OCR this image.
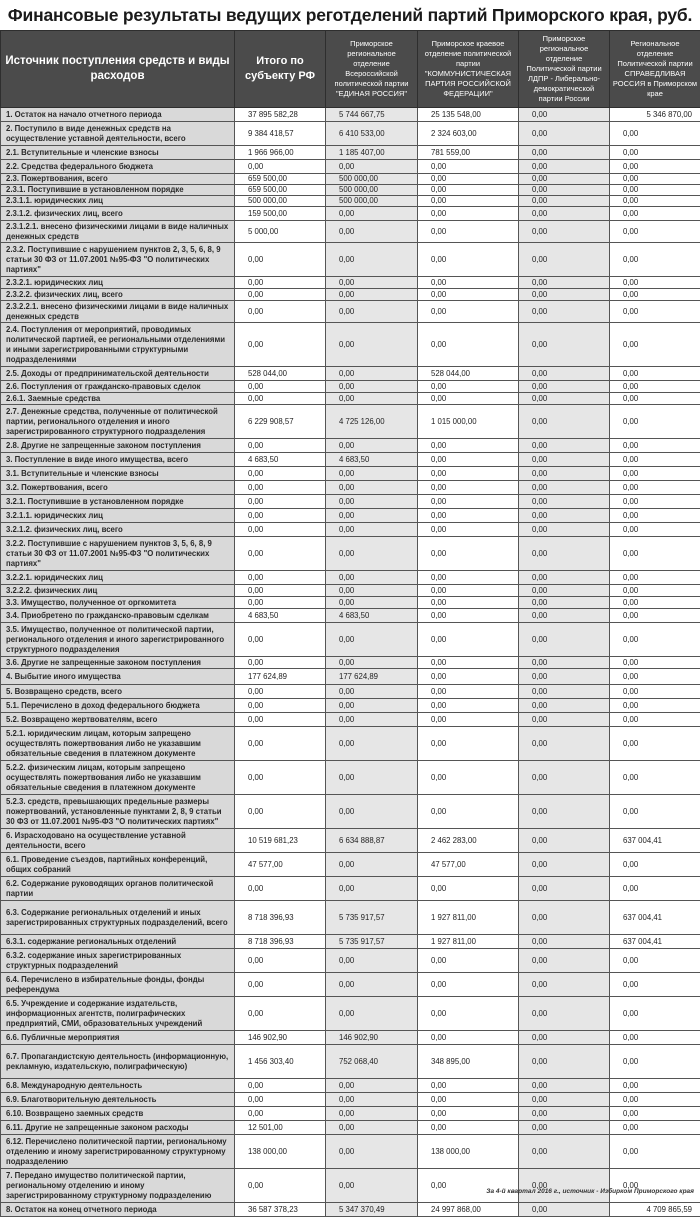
Финансовые результаты ведущих реготделений партий Приморского края, руб.
Источник поступления средств и виды расходов	Итого по субъекту РФ	Приморское региональное отделение Всероссийской политической партии "ЕДИНАЯ РОССИЯ"	Приморское краевое отделение политической партии "КОММУНИСТИЧЕСКАЯ ПАРТИЯ РОССИЙСКОЙ ФЕДЕРАЦИИ"	Приморское региональное отделение Политической партии ЛДПР - Либерально-демократической партии России	Региональное отделение Политической партии СПРАВЕДЛИВАЯ РОССИЯ в Приморском крае
1. Остаток на начало отчетного периода	37 895 582,28	5 744 667,75	25 135 548,00	0,00	5 346 870,00
2. Поступило в виде денежных средств на осуществление уставной деятельности, всего	9 384 418,57	6 410 533,00	2 324 603,00	0,00	0,00
2.1. Вступительные и членские взносы	1 966 966,00	1 185 407,00	781 559,00	0,00	0,00
2.2. Средства федерального бюджета	0,00	0,00	0,00	0,00	0,00
2.3. Пожертвования, всего	659 500,00	500 000,00	0,00	0,00	0,00
2.3.1. Поступившие в установленном порядке	659 500,00	500 000,00	0,00	0,00	0,00
2.3.1.1. юридических лиц	500 000,00	500 000,00	0,00	0,00	0,00
2.3.1.2. физических лиц, всего	159 500,00	0,00	0,00	0,00	0,00
2.3.1.2.1. внесено физическими лицами в виде наличных денежных средств	5 000,00	0,00	0,00	0,00	0,00
2.3.2. Поступившие с нарушением пунктов 2, 3, 5, 6, 8, 9 статьи 30 ФЗ от 11.07.2001 №95-ФЗ "О политических партиях"	0,00	0,00	0,00	0,00	0,00
2.3.2.1. юридических лиц	0,00	0,00	0,00	0,00	0,00
2.3.2.2. физических лиц, всего	0,00	0,00	0,00	0,00	0,00
2.3.2.2.1. внесено физическими лицами в виде наличных денежных средств	0,00	0,00	0,00	0,00	0,00
2.4. Поступления от мероприятий, проводимых политической партией, ее региональными отделениями и иными зарегистрированными структурными подразделениями	0,00	0,00	0,00	0,00	0,00
2.5. Доходы от предпринимательской деятельности	528 044,00	0,00	528 044,00	0,00	0,00
2.6. Поступления от гражданско-правовых сделок	0,00	0,00	0,00	0,00	0,00
2.6.1. Заемные средства	0,00	0,00	0,00	0,00	0,00
2.7. Денежные средства, полученные от политической партии, регионального отделения и иного зарегистрированного структурного подразделения	6 229 908,57	4 725 126,00	1 015 000,00	0,00	0,00
2.8. Другие не запрещенные законом поступления	0,00	0,00	0,00	0,00	0,00
3. Поступление в виде иного имущества, всего	4 683,50	4 683,50	0,00	0,00	0,00
3.1. Вступительные и членские взносы	0,00	0,00	0,00	0,00	0,00
3.2. Пожертвования, всего	0,00	0,00	0,00	0,00	0,00
3.2.1. Поступившие в установленном порядке	0,00	0,00	0,00	0,00	0,00
3.2.1.1. юридических лиц	0,00	0,00	0,00	0,00	0,00
3.2.1.2. физических лиц, всего	0,00	0,00	0,00	0,00	0,00
3.2.2. Поступившие с нарушением пунктов 3, 5, 6, 8, 9 статьи 30 ФЗ от 11.07.2001 №95-ФЗ "О политических партиях"	0,00	0,00	0,00	0,00	0,00
3.2.2.1. юридических лиц	0,00	0,00	0,00	0,00	0,00
3.2.2.2. физических лиц	0,00	0,00	0,00	0,00	0,00
3.3. Имущество, полученное от оргкомитета	0,00	0,00	0,00	0,00	0,00
3.4. Приобретено по гражданско-правовым сделкам	4 683,50	4 683,50	0,00	0,00	0,00
3.5. Имущество, полученное от политической партии, регионального отделения и иного зарегистрированного структурного подразделения	0,00	0,00	0,00	0,00	0,00
3.6. Другие не запрещенные законом поступления	0,00	0,00	0,00	0,00	0,00
4. Выбытие иного имущества	177 624,89	177 624,89	0,00	0,00	0,00
5. Возвращено средств, всего	0,00	0,00	0,00	0,00	0,00
5.1. Перечислено в доход федерального бюджета	0,00	0,00	0,00	0,00	0,00
5.2. Возвращено жертвователям, всего	0,00	0,00	0,00	0,00	0,00
5.2.1. юридическим лицам, которым запрещено осуществлять пожертвования либо не указавшим обязательные сведения в платежном документе	0,00	0,00	0,00	0,00	0,00
5.2.2. физическим лицам, которым запрещено осуществлять пожертвования либо не указавшим обязательные сведения в платежном документе	0,00	0,00	0,00	0,00	0,00
5.2.3. средств, превышающих предельные размеры пожертвований, установленные пунктами 2, 8, 9 статьи 30 ФЗ от 11.07.2001 №95-ФЗ "О политических партиях"	0,00	0,00	0,00	0,00	0,00
6. Израсходовано на осуществление уставной деятельности, всего	10 519 681,23	6 634 888,87	2 462 283,00	0,00	637 004,41
6.1. Проведение съездов, партийных конференций, общих собраний	47 577,00	0,00	47 577,00	0,00	0,00
6.2. Содержание руководящих органов политической партии	0,00	0,00	0,00	0,00	0,00
6.3. Содержание региональных отделений и иных зарегистрированных структурных подразделений, всего	8 718 396,93	5 735 917,57	1 927 811,00	0,00	637 004,41
6.3.1. содержание региональных отделений	8 718 396,93	5 735 917,57	1 927 811,00	0,00	637 004,41
6.3.2. содержание иных зарегистрированных структурных подразделений	0,00	0,00	0,00	0,00	0,00
6.4. Перечислено в избирательные фонды, фонды референдума	0,00	0,00	0,00	0,00	0,00
6.5. Учреждение и содержание издательств, информационных агентств, полиграфических предприятий, СМИ, образовательных учреждений	0,00	0,00	0,00	0,00	0,00
6.6. Публичные мероприятия	146 902,90	146 902,90	0,00	0,00	0,00
6.7. Пропагандистскую деятельность (информационную, рекламную, издательскую, полиграфическую)	1 456 303,40	752 068,40	348 895,00	0,00	0,00
6.8. Международную деятельность	0,00	0,00	0,00	0,00	0,00
6.9. Благотворительную деятельность	0,00	0,00	0,00	0,00	0,00
6.10. Возвращено заемных средств	0,00	0,00	0,00	0,00	0,00
6.11. Другие не запрещенные законом расходы	12 501,00	0,00	0,00	0,00	0,00
6.12. Перечислено политической партии, региональному отделению и иному зарегистрированному структурному подразделению	138 000,00	0,00	138 000,00	0,00	0,00
7. Передано имущество политической партии, региональному отделению и иному зарегистрированному структурному подразделению	0,00	0,00	0,00	0,00	0,00
8. Остаток на конец отчетного периода	36 587 378,23	5 347 370,49	24 997 868,00	0,00	4 709 865,59
За 4-й квартал 2016 г., источник - Избирком Приморского края
